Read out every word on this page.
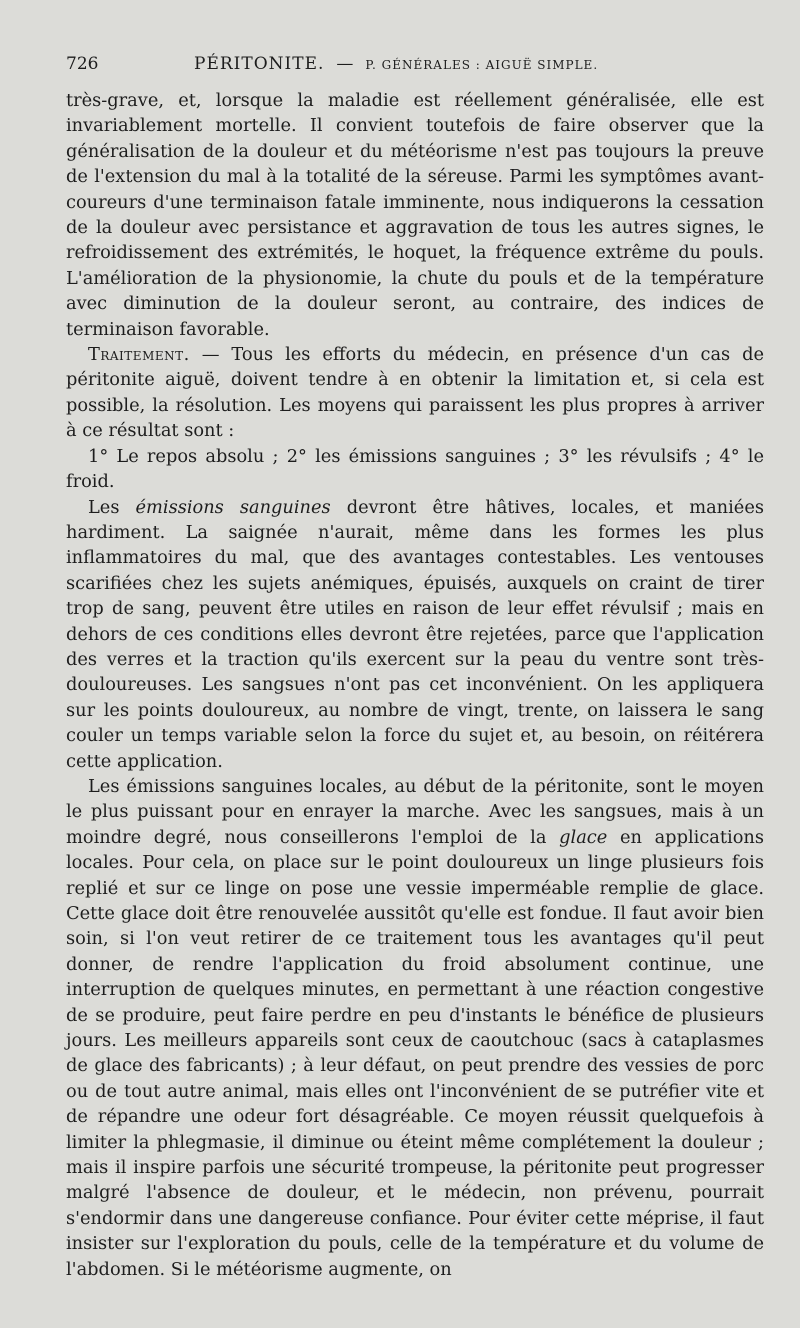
726	PÉRITONITE. — P. GÉNÉRALES : AIGUË SIMPLE.

très-grave, et, lorsque la maladie est réellement généralisée, elle est invariablement mortelle. Il convient toutefois de faire observer que la généralisation de la douleur et du météorisme n'est pas toujours la preuve de l'extension du mal à la totalité de la séreuse. Parmi les symptômes avant-coureurs d'une terminaison fatale imminente, nous indiquerons la cessation de la douleur avec persistance et aggravation de tous les autres signes, le refroidissement des extrémités, le hoquet, la fréquence extrême du pouls. L'amélioration de la physionomie, la chute du pouls et de la température avec diminution de la douleur seront, au contraire, des indices de terminaison favorable.

Traitement. — Tous les efforts du médecin, en présence d'un cas de péritonite aiguë, doivent tendre à en obtenir la limitation et, si cela est possible, la résolution. Les moyens qui paraissent les plus propres à arriver à ce résultat sont :

1° Le repos absolu ; 2° les émissions sanguines ; 3° les révulsifs ; 4° le froid.

Les émissions sanguines devront être hâtives, locales, et maniées hardiment. La saignée n'aurait, même dans les formes les plus inflammatoires du mal, que des avantages contestables. Les ventouses scarifiées chez les sujets anémiques, épuisés, auxquels on craint de tirer trop de sang, peuvent être utiles en raison de leur effet révulsif ; mais en dehors de ces conditions elles devront être rejetées, parce que l'application des verres et la traction qu'ils exercent sur la peau du ventre sont très-douloureuses. Les sangsues n'ont pas cet inconvénient. On les appliquera sur les points douloureux, au nombre de vingt, trente, on laissera le sang couler un temps variable selon la force du sujet et, au besoin, on réitérera cette application.

Les émissions sanguines locales, au début de la péritonite, sont le moyen le plus puissant pour en enrayer la marche. Avec les sangsues, mais à un moindre degré, nous conseillerons l'emploi de la glace en applications locales. Pour cela, on place sur le point douloureux un linge plusieurs fois replié et sur ce linge on pose une vessie imperméable remplie de glace. Cette glace doit être renouvelée aussitôt qu'elle est fondue. Il faut avoir bien soin, si l'on veut retirer de ce traitement tous les avantages qu'il peut donner, de rendre l'application du froid absolument continue, une interruption de quelques minutes, en permettant à une réaction congestive de se produire, peut faire perdre en peu d'instants le bénéfice de plusieurs jours. Les meilleurs appareils sont ceux de caoutchouc (sacs à cataplasmes de glace des fabricants) ; à leur défaut, on peut prendre des vessies de porc ou de tout autre animal, mais elles ont l'inconvénient de se putréfier vite et de répandre une odeur fort désagréable. Ce moyen réussit quelquefois à limiter la phlegmasie, il diminue ou éteint même complétement la douleur ; mais il inspire parfois une sécurité trompeuse, la péritonite peut progresser malgré l'absence de douleur, et le médecin, non prévenu, pourrait s'endormir dans une dangereuse confiance. Pour éviter cette méprise, il faut insister sur l'exploration du pouls, celle de la température et du volume de l'abdomen. Si le météorisme augmente, on
